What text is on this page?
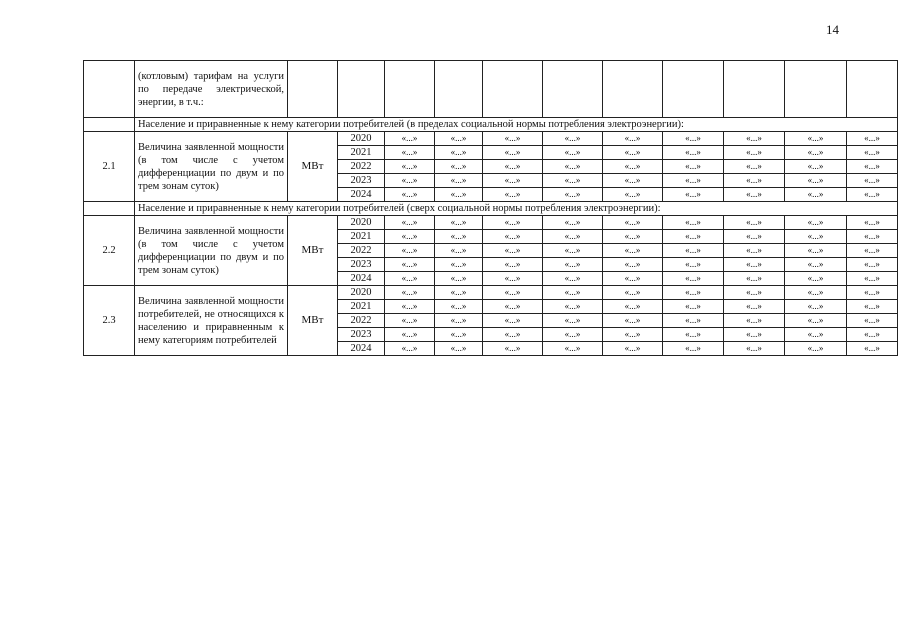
14
	(котловым) тарифам на услуги по передаче электрической, энергии, в т.ч.:											
	Население и приравненные к нему категории потребителей (в пределах социальной нормы потребления электроэнергии):											
2.1	Величина заявленной мощности (в том числе с учетом дифференциации по двум и по трем зонам суток)	МВт	2020	«...»	«...»	«...»	«...»	«...»	«...»	«...»	«...»	«...»
			2021	«...»	«...»	«...»	«...»	«...»	«...»	«...»	«...»	«...»
			2022	«...»	«...»	«...»	«...»	«...»	«...»	«...»	«...»	«...»
			2023	«...»	«...»	«...»	«...»	«...»	«...»	«...»	«...»	«...»
			2024	«...»	«...»	«...»	«...»	«...»	«...»	«...»	«...»	«...»
	Население и приравненные к нему категории потребителей (сверх социальной нормы потребления электроэнергии):											
2.2	Величина заявленной мощности (в том числе с учетом дифференциации по двум и по трем зонам суток)	МВт	2020	«...»	«...»	«...»	«...»	«...»	«...»	«...»	«...»	«...»
			2021	«...»	«...»	«...»	«...»	«...»	«...»	«...»	«...»	«...»
			2022	«...»	«...»	«...»	«...»	«...»	«...»	«...»	«...»	«...»
			2023	«...»	«...»	«...»	«...»	«...»	«...»	«...»	«...»	«...»
			2024	«...»	«...»	«...»	«...»	«...»	«...»	«...»	«...»	«...»
2.3	Величина заявленной мощности потребителей, не относящихся к населению и приравненным к нему категориям потребителей	МВт	2020	«...»	«...»	«...»	«...»	«...»	«...»	«...»	«...»	«...»
			2021	«...»	«...»	«...»	«...»	«...»	«...»	«...»	«...»	«...»
			2022	«...»	«...»	«...»	«...»	«...»	«...»	«...»	«...»	«...»
			2023	«...»	«...»	«...»	«...»	«...»	«...»	«...»	«...»	«...»
			2024	«...»	«...»	«...»	«...»	«...»	«...»	«...»	«...»	«...»
